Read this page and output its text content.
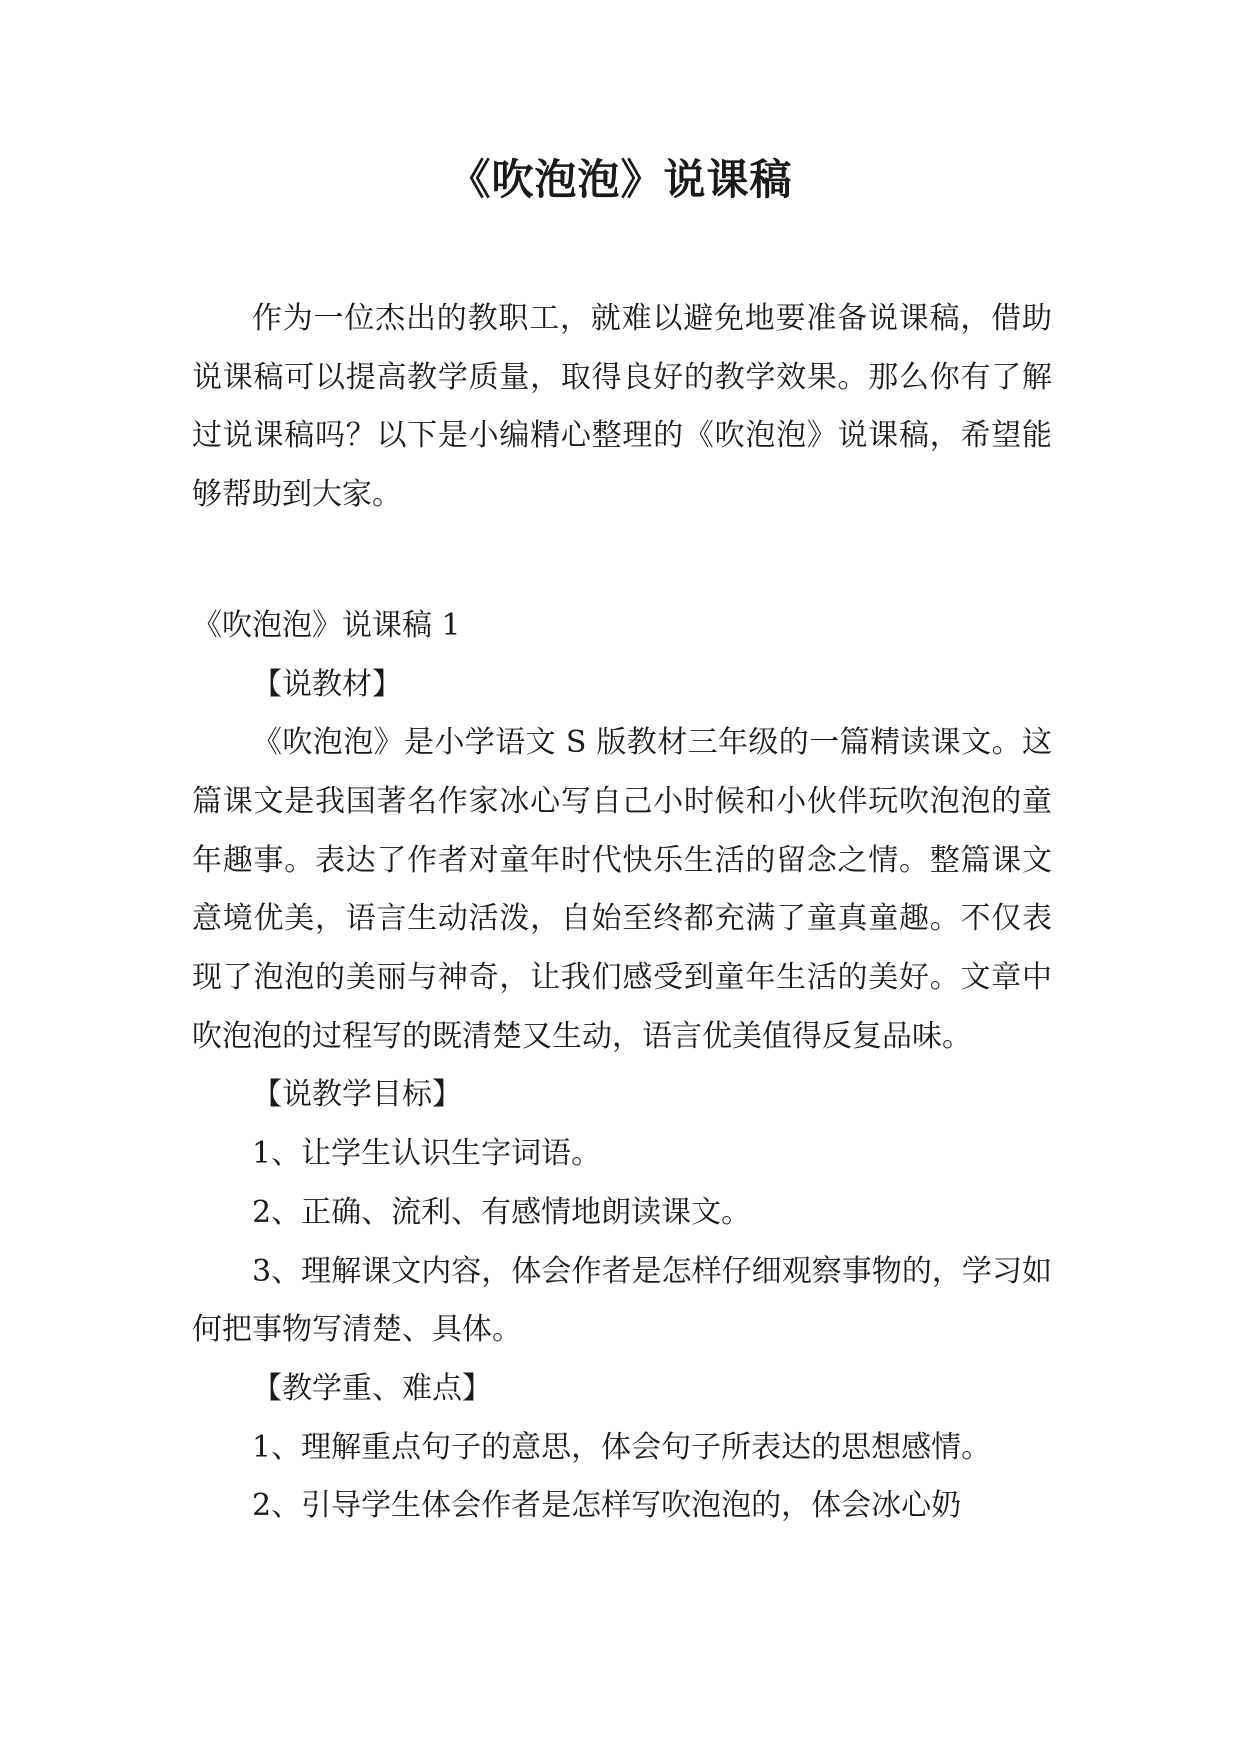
《吹泡泡》说课稿

作为一位杰出的教职工，就难以避免地要准备说课稿，借助说课稿可以提高教学质量，取得良好的教学效果。那么你有了解过说课稿吗？以下是小编精心整理的《吹泡泡》说课稿，希望能够帮助到大家。

《吹泡泡》说课稿 1

【说教材】

《吹泡泡》是小学语文 S 版教材三年级的一篇精读课文。这篇课文是我国著名作家冰心写自己小时候和小伙伴玩吹泡泡的童年趣事。表达了作者对童年时代快乐生活的留念之情。整篇课文意境优美，语言生动活泼，自始至终都充满了童真童趣。不仅表现了泡泡的美丽与神奇，让我们感受到童年生活的美好。文章中吹泡泡的过程写的既清楚又生动，语言优美值得反复品味。

【说教学目标】

1、让学生认识生字词语。

2、正确、流利、有感情地朗读课文。

3、理解课文内容，体会作者是怎样仔细观察事物的，学习如何把事物写清楚、具体。

【教学重、难点】

1、理解重点句子的意思，体会句子所表达的思想感情。

2、引导学生体会作者是怎样写吹泡泡的，体会冰心奶
